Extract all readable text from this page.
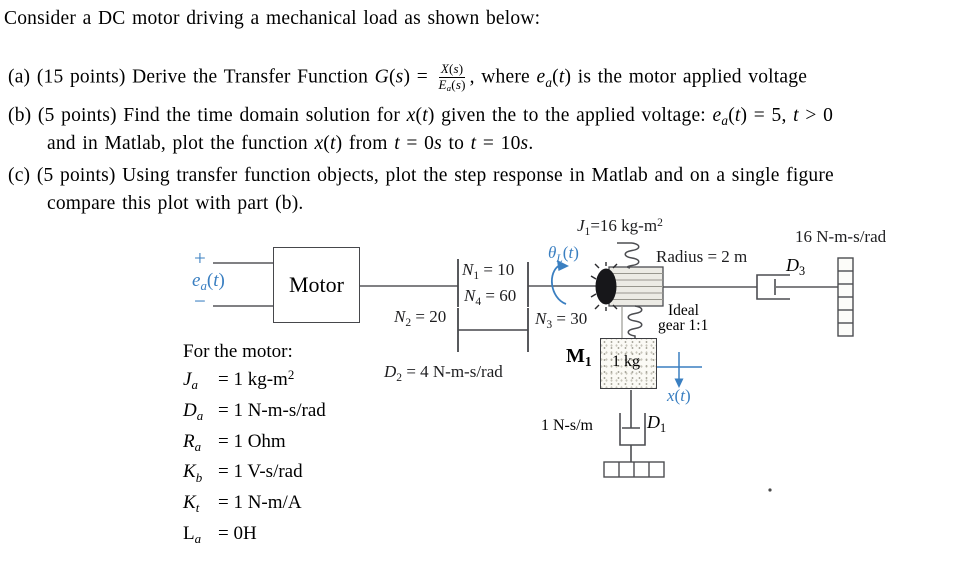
Consider a DC motor driving a mechanical load as shown below:
(a) (15 points) Derive the Transfer Function $G(s) = \frac{X(s)}{E_a(s)}$ , where $e_a(t)$ is the motor applied voltage
(b) (5 points) Find the time domain solution for x(t) given the to the applied voltage: $e_a(t) = 5$, t > 0
and in Matlab, plot the function x(t) from t = 0s to t = 10s.
(c) (5 points) Using transfer function objects, plot the step response in Matlab and on a single figure
compare this plot with part (b).
Motor
+
$e_a(t)$
−
$N_1 = 10$
$N_4 = 60$
$N_2 = 20$	$N_3 = 30$
$D_2 = 4$ N-m-s/rad
$J_1=16$ $kg-m^2$
$\theta_L(t)$	Radius = 2 m
Ideal
gear 1:1
$M_1$ 1 kg
x(t)
1 N-s/m	$D_1$
$D_3$
16 N-m-s/rad
For the motor:
$J_a$	= 1 $kg-m^2$
$D_a = 1$ N-m-s/rad
$R_a = 1$ Ohm
$K_b = 1$ V-s/rad
$K_t = 1$ N-m/A
$L_a = 0H$
